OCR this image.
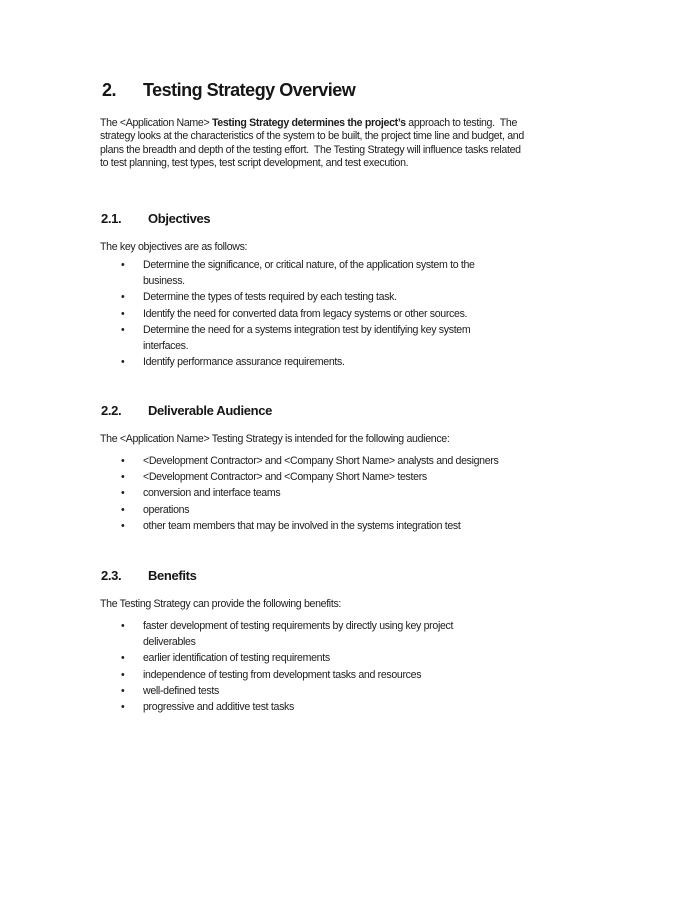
2. Testing Strategy Overview
The <Application Name> Testing Strategy determines the project’s approach to testing.  The
strategy looks at the characteristics of the system to be built, the project time line and budget, and
plans the breadth and depth of the testing effort.  The Testing Strategy will influence tasks related
to test planning, test types, test script development, and test execution.
2.1. Objectives
The key objectives are as follows:
• Determine the significance, or critical nature, of the application system to the
business.
• Determine the types of tests required by each testing task.
• Identify the need for converted data from legacy systems or other sources.
• Determine the need for a systems integration test by identifying key system
interfaces.
• Identify performance assurance requirements.
2.2. Deliverable Audience
The <Application Name> Testing Strategy is intended for the following audience:
• <Development Contractor> and <Company Short Name> analysts and designers
• <Development Contractor> and <Company Short Name> testers
• conversion and interface teams
• operations
• other team members that may be involved in the systems integration test
2.3. Benefits
The Testing Strategy can provide the following benefits:
• faster development of testing requirements by directly using key project
deliverables
• earlier identification of testing requirements
• independence of testing from development tasks and resources
• well-defined tests
• progressive and additive test tasks
